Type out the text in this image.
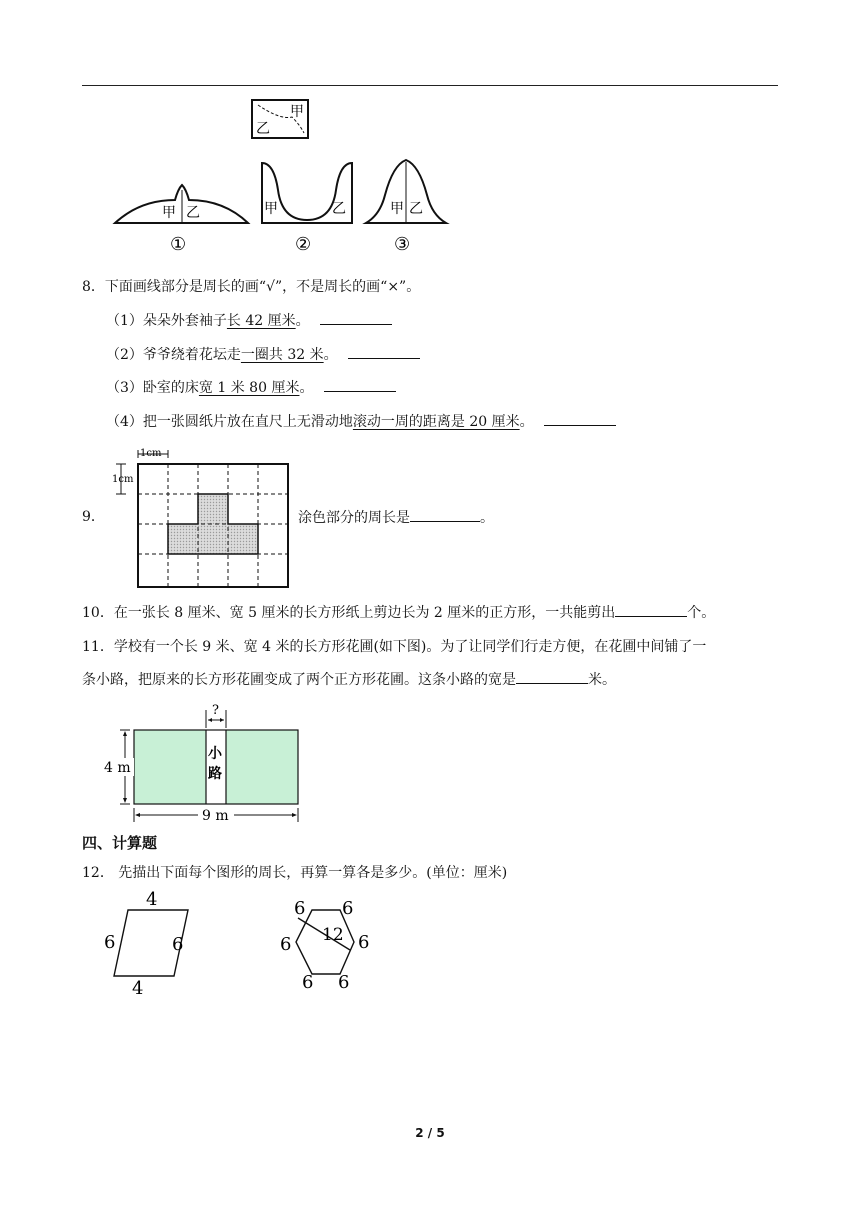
甲
乙
甲 乙
①
甲	乙
②
甲 乙
③
8．下面画线部分是周长的画“√”，不是周长的画“×”。
（1）朵朵外套袖子长 42 厘米。
（2）爷爷绕着花坛走一圈共 32 米。
（3）卧室的床宽 1 米 80 厘米。
（4）把一张圆纸片放在直尺上无滑动地滚动一周的距离是 20 厘米。
9．
1cm
1cm
涂色部分的周长是	。
10．在一张长 8 厘米、宽 5 厘米的长方形纸上剪边长为 2 厘米的正方形，一共能剪出	个。
11．学校有一个长 9 米、宽 4 米的长方形花圃(如下图)。为了让同学们行走方便，在花圃中间铺了一
条小路，把原来的长方形花圃变成了两个正方形花圃。这条小路的宽是	米。
?
小
路
4 m
9 m
四、计算题
12． 先描出下面每个图形的周长，再算一算各是多少。(单位：厘米)
4
4
6	6
6 6
6	6
6 6
12
2 / 5
